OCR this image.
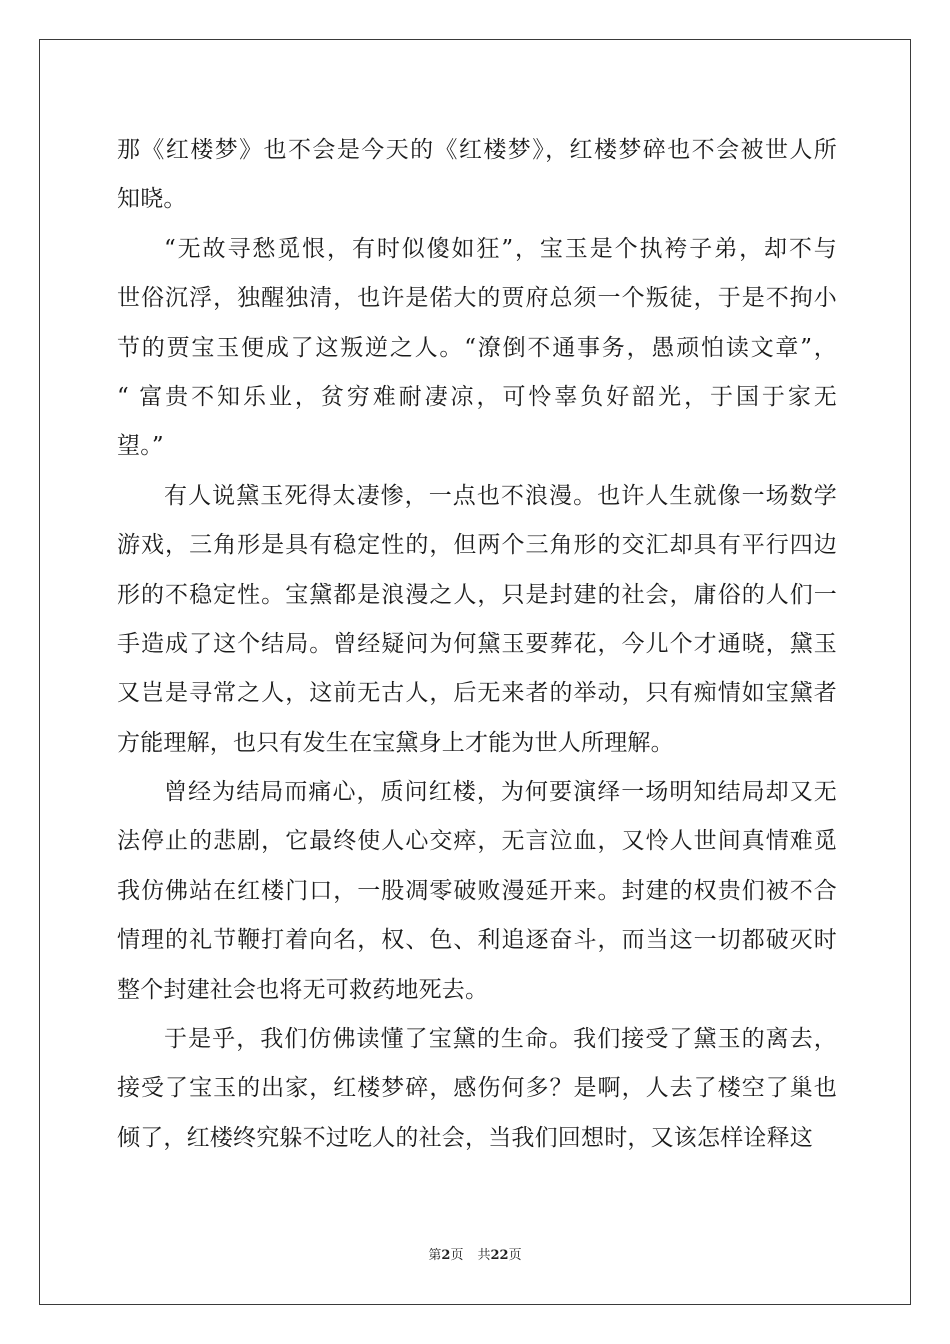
那《红楼梦》也不会是今天的《红楼梦》，红楼梦碎也不会被世人所
知晓。
“无故寻愁觅恨，有时似傻如狂”，宝玉是个执袴子弟，却不与
世俗沉浮，独醒独清，也许是偌大的贾府总须一个叛徒，于是不拘小
节的贾宝玉便成了这叛逆之人。“潦倒不通事务，愚顽怕读文章”，
“ 富贵不知乐业，贫穷难耐凄凉，可怜辜负好韶光，于国于家无
望。”
有人说黛玉死得太凄惨，一点也不浪漫。也许人生就像一场数学
游戏，三角形是具有稳定性的，但两个三角形的交汇却具有平行四边
形的不稳定性。宝黛都是浪漫之人，只是封建的社会，庸俗的人们一
手造成了这个结局。曾经疑问为何黛玉要葬花，今儿个才通晓，黛玉
又岂是寻常之人，这前无古人，后无来者的举动，只有痴情如宝黛者
方能理解，也只有发生在宝黛身上才能为世人所理解。
曾经为结局而痛心，质问红楼，为何要演绎一场明知结局却又无
法停止的悲剧，它最终使人心交瘁，无言泣血，又怜人世间真情难觅
我仿佛站在红楼门口，一股凋零破败漫延开来。封建的权贵们被不合
情理的礼节鞭打着向名，权、色、利追逐奋斗，而当这一切都破灭时
整个封建社会也将无可救药地死去。
于是乎，我们仿佛读懂了宝黛的生命。我们接受了黛玉的离去，
接受了宝玉的出家，红楼梦碎，感伤何多？是啊，人去了楼空了巢也
倾了，红楼终究躲不过吃人的社会，当我们回想时，又该怎样诠释这
第2页 共22页
